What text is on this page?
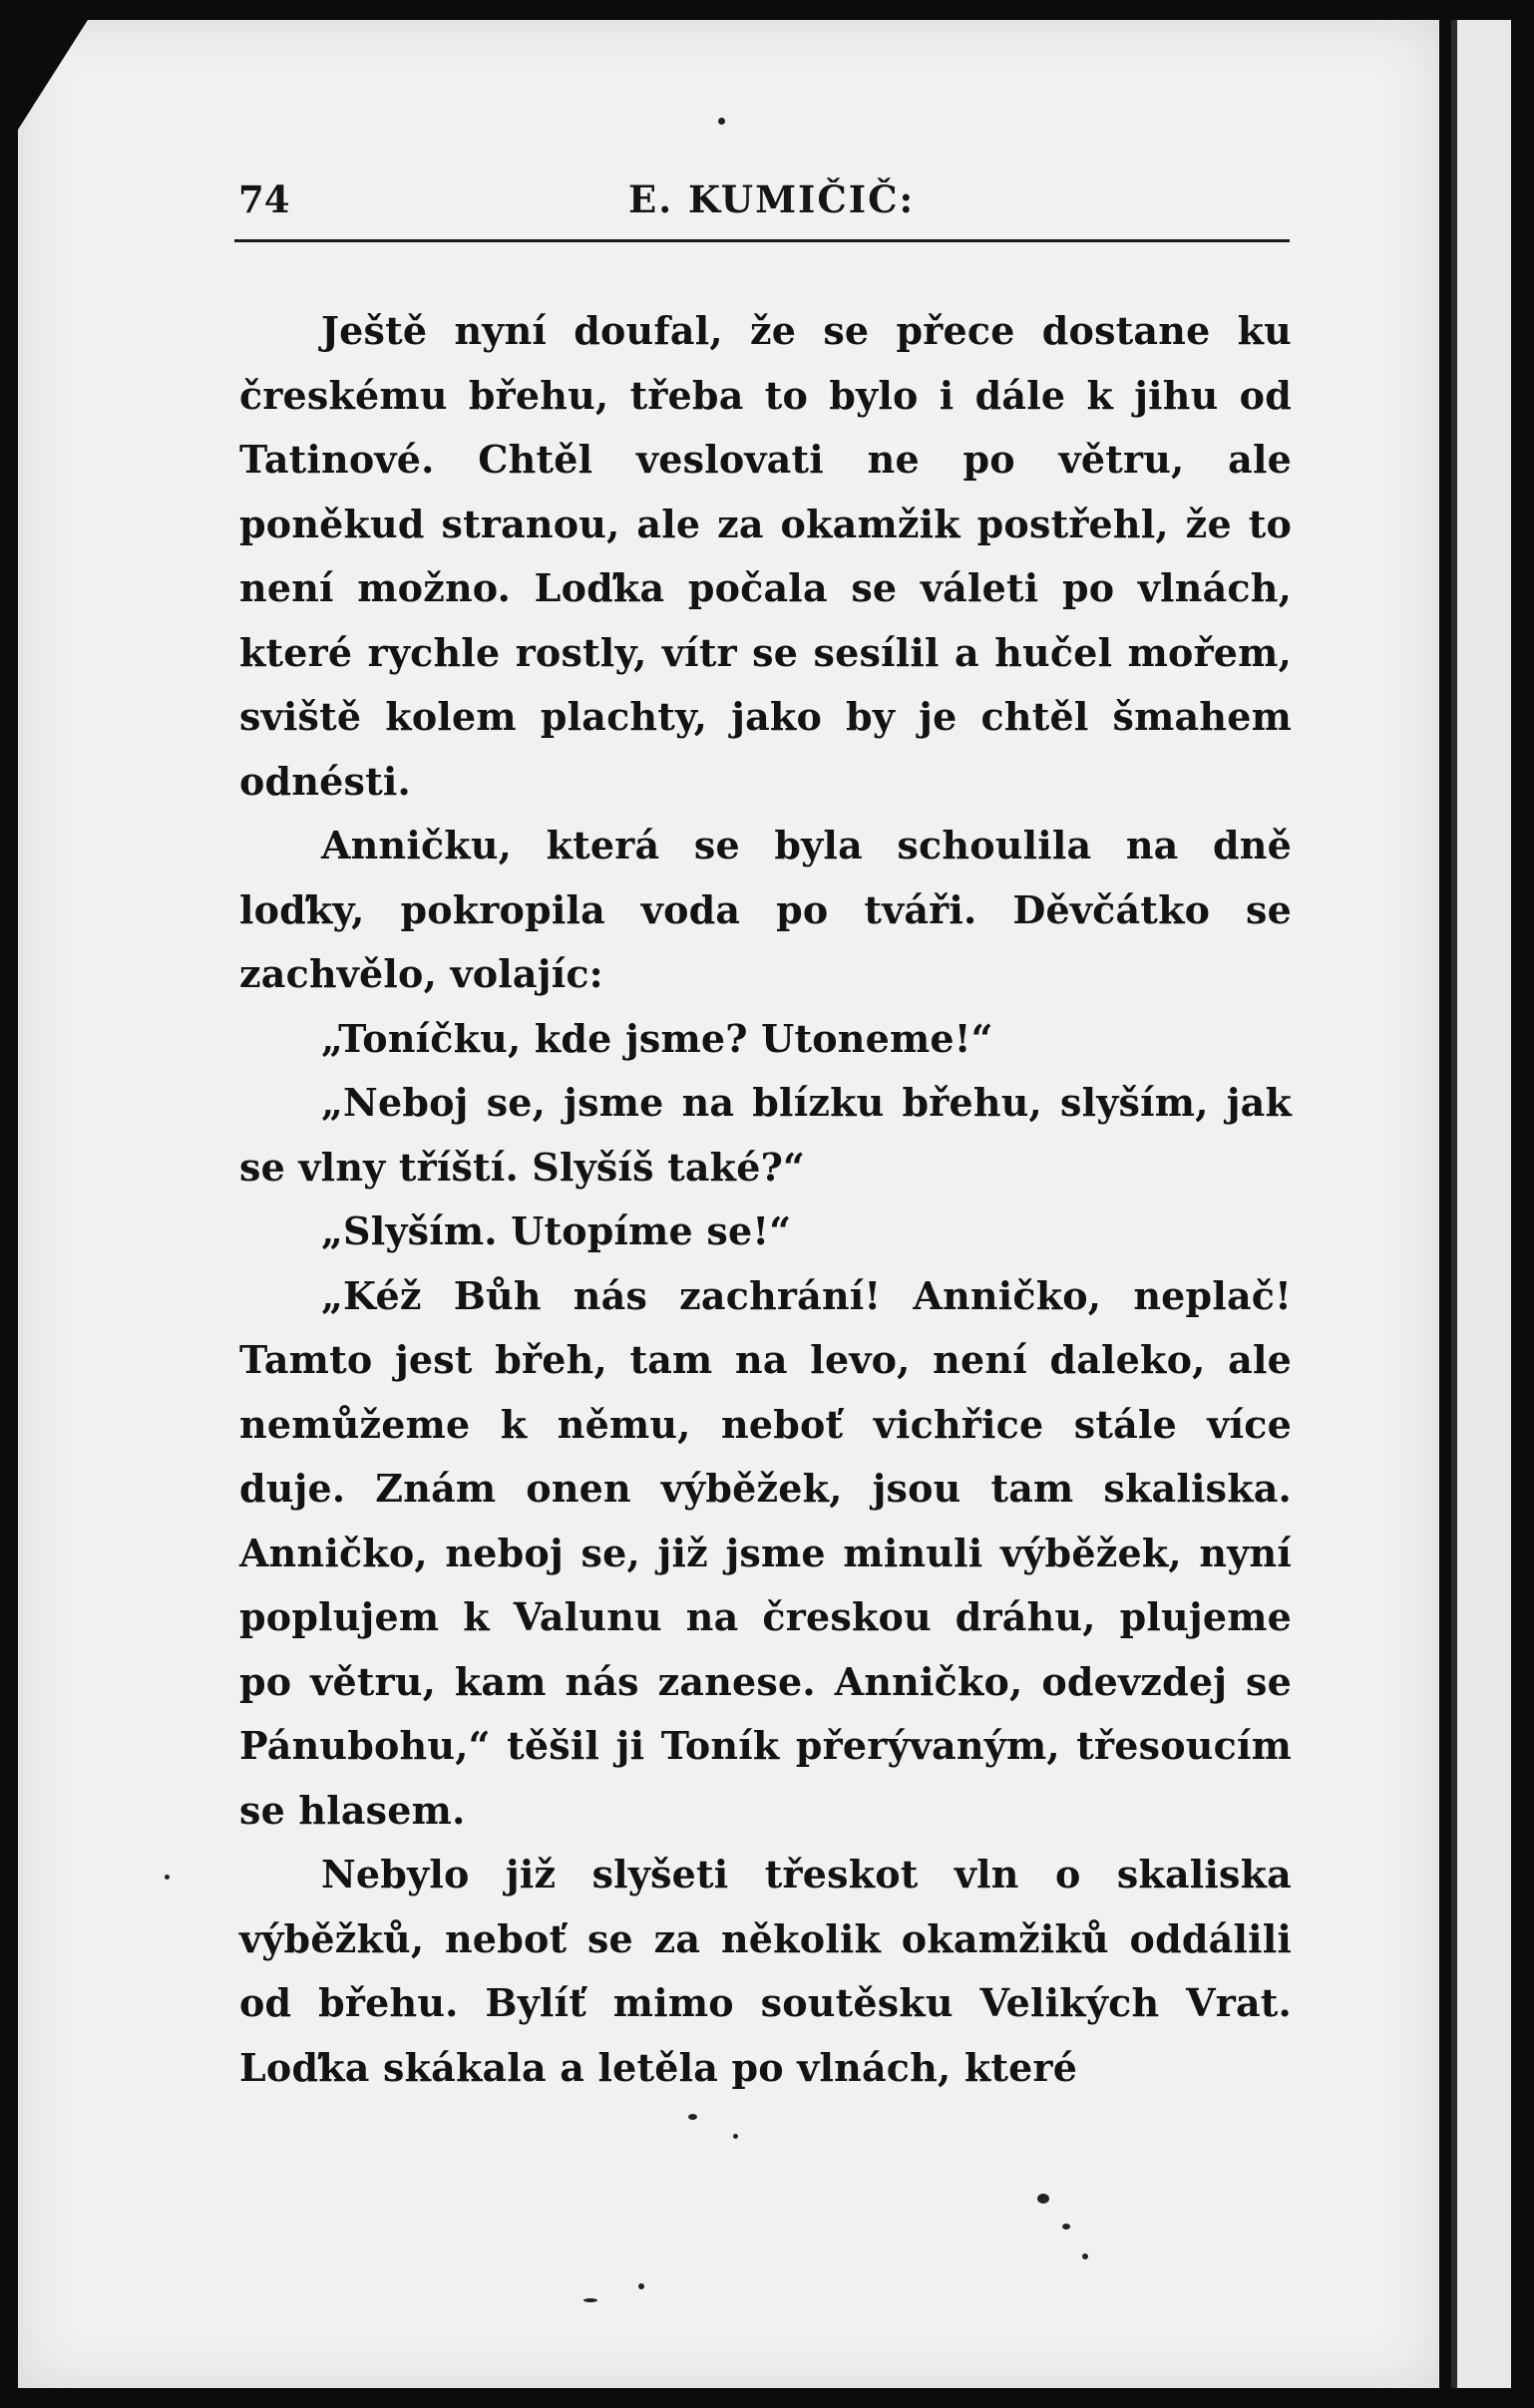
74	E. KUMIČIČ:

Ještě nyní doufal, že se přece dostane ku čreskému břehu, třeba to bylo i dále k jihu od Tatinové. Chtěl veslovati ne po větru, ale poněkud stranou, ale za okamžik postřehl, že to není možno. Loďka počala se váleti po vlnách, které rychle rostly, vítr se sesílil a hučel mořem, sviště kolem plachty, jako by je chtěl šmahem odnésti.

Anničku, která se byla schoulila na dně loďky, pokropila voda po tváři. Děvčátko se zachvělo, volajíc:

„Toníčku, kde jsme? Utoneme!“

„Neboj se, jsme na blízku břehu, slyším, jak se vlny tříští. Slyšíš také?“

„Slyším. Utopíme se!“

„Kéž Bůh nás zachrání! Anničko, neplač! Tamto jest břeh, tam na levo, není daleko, ale nemůžeme k němu, neboť vichřice stále více duje. Znám onen výběžek, jsou tam skaliska. Anničko, neboj se, již jsme minuli výběžek, nyní poplujem k Valunu na čreskou dráhu, plujeme po větru, kam nás zanese. Anničko, odevzdej se Pánubohu,“ těšil ji Toník přerývaným, třesoucím se hlasem.

Nebylo již slyšeti třeskot vln o skaliska výběžků, neboť se za několik okamžiků oddálili od břehu. Bylíť mimo soutěsku Velikých Vrat. Loďka skákala a letěla po vlnách, které
